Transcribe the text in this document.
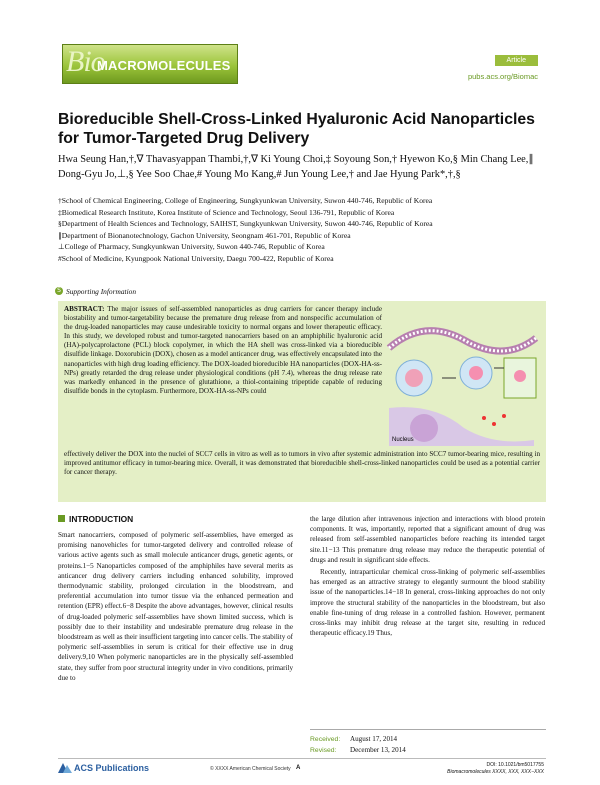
Bio
MACROMOLECULES	Article
pubs.acs.org/Biomac
Bioreducible Shell-Cross-Linked Hyaluronic Acid Nanoparticles for Tumor-Targeted Drug Delivery
Hwa Seung Han,†,∇ Thavasyappan Thambi,†,∇ Ki Young Choi,‡ Soyoung Son,† Hyewon Ko,§ Min Chang Lee,∥ Dong-Gyu Jo,⊥,§ Yee Soo Chae,# Young Mo Kang,# Jun Young Lee,† and Jae Hyung Park*,†,§
†School of Chemical Engineering, College of Engineering, Sungkyunkwan University, Suwon 440-746, Republic of Korea
‡Biomedical Research Institute, Korea Institute of Science and Technology, Seoul 136-791, Republic of Korea
§Department of Health Sciences and Technology, SAIHST, Sungkyunkwan University, Suwon 440-746, Republic of Korea
∥Department of Bionanotechnology, Gachon University, Seongnam 461-701, Republic of Korea
⊥College of Pharmacy, Sungkyunkwan University, Suwon 440-746, Republic of Korea
#School of Medicine, Kyungpook National University, Daegu 700-422, Republic of Korea
S Supporting Information
ABSTRACT: The major issues of self-assembled nanoparticles as drug carriers for cancer therapy include biostability and tumor-targetability because the premature drug release from and nonspecific accumulation of the drug-loaded nanoparticles may cause undesirable toxicity to normal organs and lower therapeutic efficacy. In this study, we developed robust and tumor-targeted nanocarriers based on an amphiphilic hyaluronic acid (HA)-polycaprolactone (PCL) block copolymer, in which the HA shell was cross-linked via a bioreducible disulfide linkage. Doxorubicin (DOX), chosen as a model anticancer drug, was effectively encapsulated into the nanoparticles with high drug loading efficiency. The DOX-loaded bioreducible HA nanoparticles (DOX-HA-ss-NPs) greatly retarded the drug release under physiological conditions (pH 7.4), whereas the drug release rate was markedly enhanced in the presence of glutathione, a thiol-containing tripeptide capable of reducing disulfide bonds in the cytoplasm. Furthermore, DOX-HA-ss-NPs could
effectively deliver the DOX into the nuclei of SCC7 cells in vitro as well as to tumors in vivo after systemic administration into SCC7 tumor-bearing mice, resulting in improved antitumor efficacy in tumor-bearing mice. Overall, it was demonstrated that bioreducible shell-cross-linked nanoparticles could be used as a potential carrier for cancer therapy.
Nucleus
INTRODUCTION

Smart nanocarriers, composed of polymeric self-assemblies, have emerged as promising nanovehicles for tumor-targeted delivery and controlled release of various active agents such as small molecule anticancer drugs, genetic agents, or proteins.1−5 Nanoparticles composed of the amphiphiles have several merits as anticancer drug delivery carriers including enhanced solubility, improved thermodynamic stability, prolonged circulation in the bloodstream, and preferential accumulation into tumor tissue via the enhanced permeation and retention (EPR) effect.6−8 Despite the above advantages, however, clinical results of drug-loaded polymeric self-assemblies have shown limited success, which is possibly due to their instability and undesirable premature drug release in the bloodstream as well as their insufficient targeting into cancer cells. The stability of polymeric self-assemblies in serum is critical for their effective use in drug delivery.9,10 When polymeric nanoparticles are in the physically self-assembled state, they suffer from poor structural integrity under in vivo conditions, primarily due to

the large dilution after intravenous injection and interactions with blood protein components. It was, importantly, reported that a significant amount of drug was released from self-assembled nanoparticles before reaching its intended target site.11−13 This premature drug release may reduce the therapeutic potential of drugs and result in significant side effects.

Recently, intraparticular chemical cross-linking of polymeric self-assemblies has emerged as an attractive strategy to elegantly surmount the blood stability issue of the nanoparticles.14−18 In general, cross-linking approaches do not only improve the structural stability of the nanoparticles in the bloodstream, but also enable fine-tuning of drug release in a controlled fashion. However, permanent cross-links may inhibit drug release at the target site, resulting in reduced therapeutic efficacy.19 Thus,

Received: August 17, 2014
Revised: December 13, 2014
ACS Publications	© XXXX American Chemical Society A	DOI: 10.1021/bm5017755
Biomacromolecules XXXX, XXX, XXX−XXX
